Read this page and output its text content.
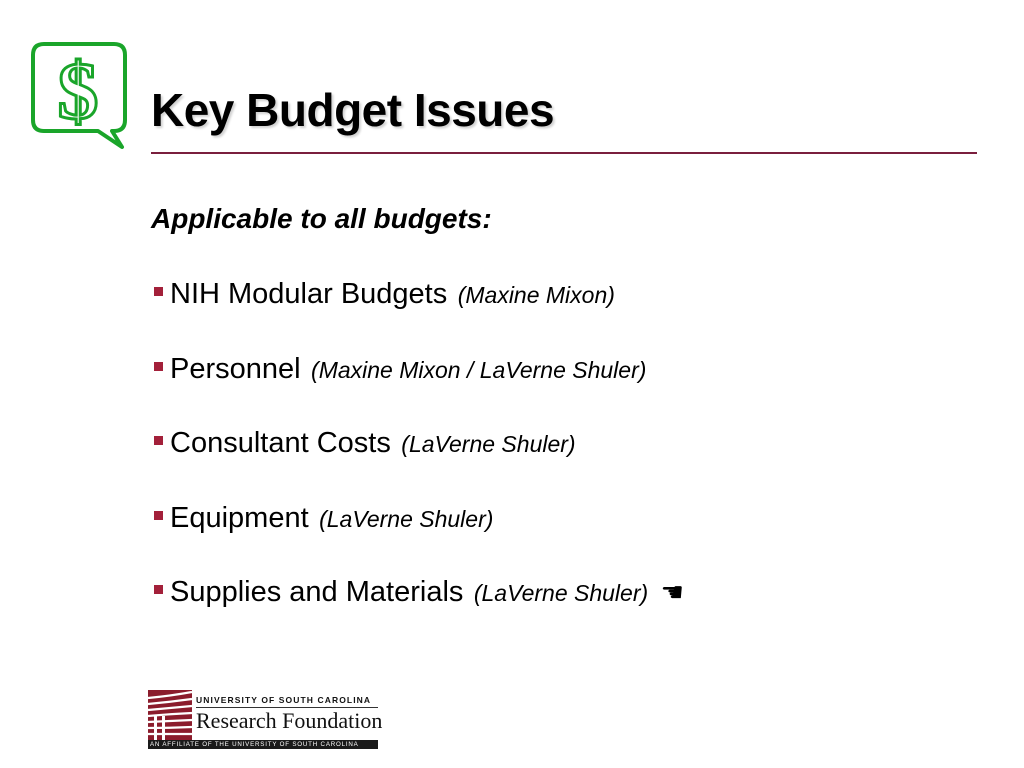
$ Key Budget Issues
Applicable to all budgets:
NIH Modular Budgets (Maxine Mixon)
Personnel (Maxine Mixon / LaVerne Shuler)
Consultant Costs (LaVerne Shuler)
Equipment (LaVerne Shuler)
Supplies and Materials (LaVerne Shuler) ☚
UNIVERSITY OF SOUTH CAROLINA
Research Foundation
AN AFFILIATE OF THE UNIVERSITY OF SOUTH CAROLINA
